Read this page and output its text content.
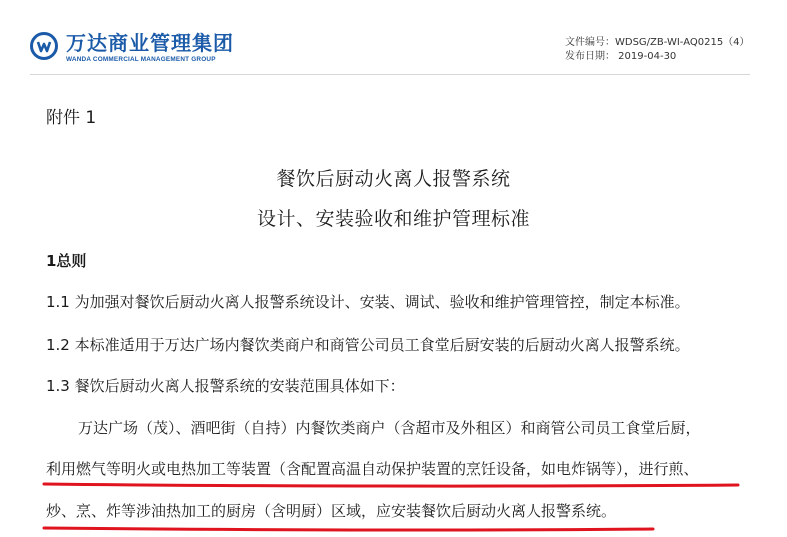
万达商业管理集团
WANDA COMMERCIAL MANAGEMENT GROUP
文件编号：WDSG/ZB-WI-AQ0215（4）
发布日期： 2019-04-30
附件 1
餐饮后厨动火离人报警系统
设计、安装验收和维护管理标准
1总则
1.1 为加强对餐饮后厨动火离人报警系统设计、安装、调试、验收和维护管理管控，制定本标准。
1.2 本标准适用于万达广场内餐饮类商户和商管公司员工食堂后厨安装的后厨动火离人报警系统。
1.3 餐饮后厨动火离人报警系统的安装范围具体如下：
万达广场（茂）、酒吧街（自持）内餐饮类商户（含超市及外租区）和商管公司员工食堂后厨，
利用燃气等明火或电热加工等装置（含配置高温自动保护装置的烹饪设备，如电炸锅等），进行煎、
炒、烹、炸等涉油热加工的厨房（含明厨）区域，应安装餐饮后厨动火离人报警系统。
